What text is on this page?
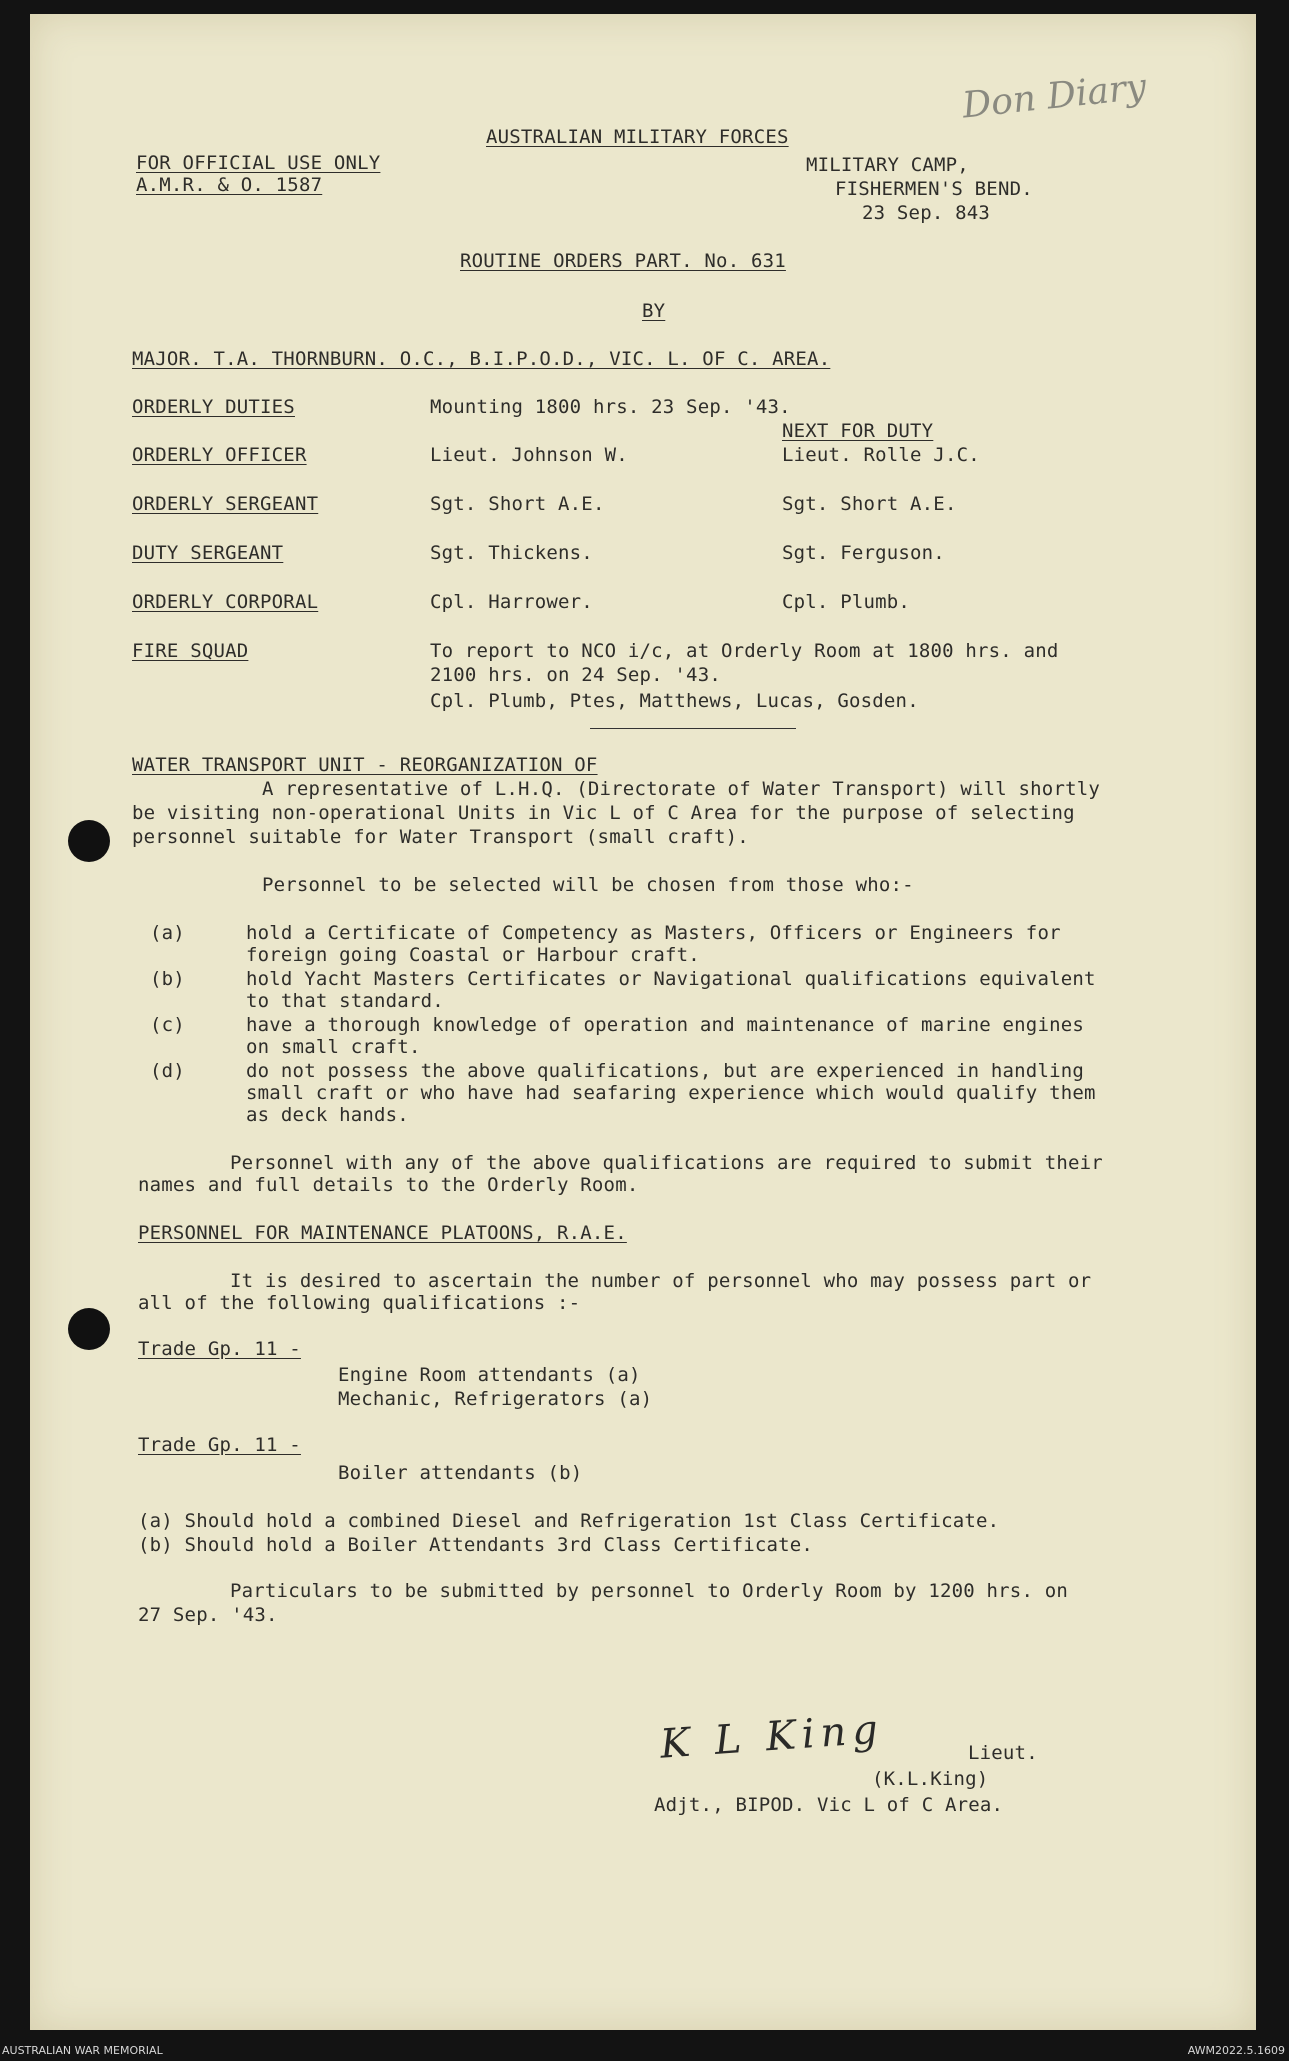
Don Diary
AUSTRALIAN MILITARY FORCES
FOR OFFICIAL USE ONLY
A.M.R. & O. 1587
MILITARY CAMP,
FISHERMEN'S BEND.
23 Sep. 843
ROUTINE ORDERS PART. No. 631
BY
MAJOR. T.A. THORNBURN. O.C., B.I.P.O.D., VIC. L. OF C. AREA.
ORDERLY DUTIES	Mounting 1800 hrs. 23 Sep. '43.
NEXT FOR DUTY
ORDERLY OFFICER	Lieut. Johnson W.	Lieut. Rolle J.C.
ORDERLY SERGEANT	Sgt. Short A.E.	Sgt. Short A.E.
DUTY SERGEANT	Sgt. Thickens.	Sgt. Ferguson.
ORDERLY CORPORAL	Cpl. Harrower.	Cpl. Plumb.
FIRE SQUAD	To report to NCO i/c, at Orderly Room at 1800 hrs. and
2100 hrs. on 24 Sep. '43.
Cpl. Plumb, Ptes, Matthews, Lucas, Gosden.
WATER TRANSPORT UNIT - REORGANIZATION OF
A representative of L.H.Q. (Directorate of Water Transport) will shortly
be visiting non-operational Units in Vic L of C Area for the purpose of selecting
personnel suitable for Water Transport (small craft).
Personnel to be selected will be chosen from those who:-
(a)	hold a Certificate of Competency as Masters, Officers or Engineers for
foreign going Coastal or Harbour craft.
(b)	hold Yacht Masters Certificates or Navigational qualifications equivalent
to that standard.
(c)	have a thorough knowledge of operation and maintenance of marine engines
on small craft.
(d)	do not possess the above qualifications, but are experienced in handling
small craft or who have had seafaring experience which would qualify them
as deck hands.
Personnel with any of the above qualifications are required to submit their
names and full details to the Orderly Room.
PERSONNEL FOR MAINTENANCE PLATOONS, R.A.E.
It is desired to ascertain the number of personnel who may possess part or
all of the following qualifications :-
Trade Gp. 11 -
Engine Room attendants (a)
Mechanic, Refrigerators (a)
Trade Gp. 11 -
Boiler attendants (b)
(a) Should hold a combined Diesel and Refrigeration 1st Class Certificate.
(b) Should hold a Boiler Attendants 3rd Class Certificate.
Particulars to be submitted by personnel to Orderly Room by 1200 hrs. on
27 Sep. '43.
K L King	Lieut.
(K.L.King)
Adjt., BIPOD. Vic L of C Area.
AUSTRALIAN WAR MEMORIAL	AWM2022.5.1609
